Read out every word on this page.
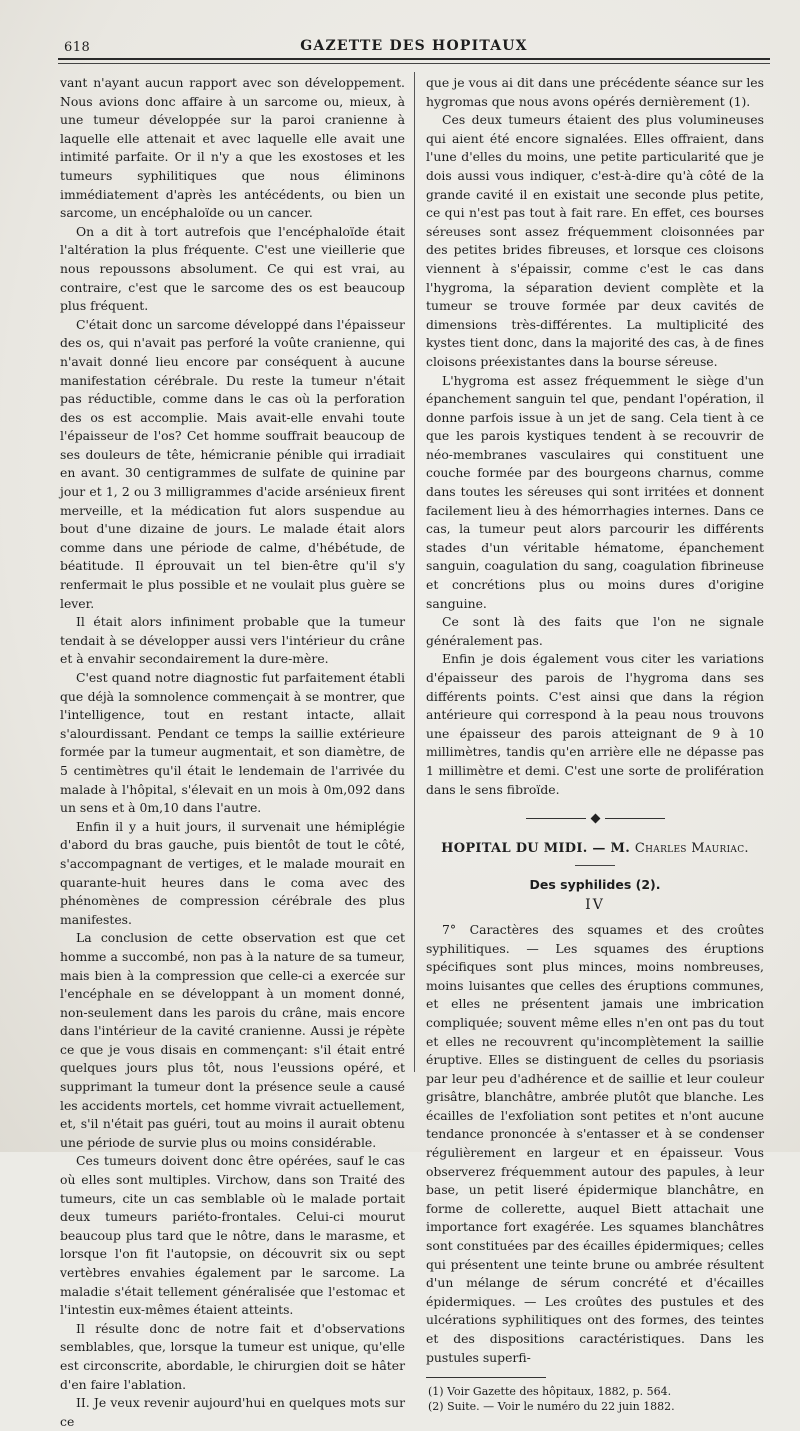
618	GAZETTE DES HOPITAUX

vant n'ayant aucun rapport avec son développement. Nous avions donc affaire à un sarcome ou, mieux, à une tumeur développée sur la paroi cranienne à laquelle elle attenait et avec laquelle elle avait une intimité parfaite. Or il n'y a que les exostoses et les tumeurs syphilitiques que nous éliminons immédiatement d'après les antécédents, ou bien un sarcome, un encéphaloïde ou un cancer.

On a dit à tort autrefois que l'encéphaloïde était l'altération la plus fréquente. C'est une vieillerie que nous repoussons absolument. Ce qui est vrai, au contraire, c'est que le sarcome des os est beaucoup plus fréquent.

C'était donc un sarcome développé dans l'épaisseur des os, qui n'avait pas perforé la voûte cranienne, qui n'avait donné lieu encore par conséquent à aucune manifestation cérébrale. Du reste la tumeur n'était pas réductible, comme dans le cas où la perforation des os est accomplie. Mais avait-elle envahi toute l'épaisseur de l'os? Cet homme souffrait beaucoup de ses douleurs de tête, hémicranie pénible qui irradiait en avant. 30 centigrammes de sulfate de quinine par jour et 1, 2 ou 3 milligrammes d'acide arsénieux firent merveille, et la médication fut alors suspendue au bout d'une dizaine de jours. Le malade était alors comme dans une période de calme, d'hébétude, de béatitude. Il éprouvait un tel bien-être qu'il s'y renfermait le plus possible et ne voulait plus guère se lever.

Il était alors infiniment probable que la tumeur tendait à se développer aussi vers l'intérieur du crâne et à envahir secondairement la dure-mère.

C'est quand notre diagnostic fut parfaitement établi que déjà la somnolence commençait à se montrer, que l'intelligence, tout en restant intacte, allait s'alourdissant. Pendant ce temps la saillie extérieure formée par la tumeur augmentait, et son diamètre, de 5 centimètres qu'il était le lendemain de l'arrivée du malade à l'hôpital, s'élevait en un mois à 0m,092 dans un sens et à 0m,10 dans l'autre.

Enfin il y a huit jours, il survenait une hémiplégie d'abord du bras gauche, puis bientôt de tout le côté, s'accompagnant de vertiges, et le malade mourait en quarante-huit heures dans le coma avec des phénomènes de compression cérébrale des plus manifestes.

La conclusion de cette observation est que cet homme a succombé, non pas à la nature de sa tumeur, mais bien à la compression que celle-ci a exercée sur l'encéphale en se développant à un moment donné, non-seulement dans les parois du crâne, mais encore dans l'intérieur de la cavité cranienne. Aussi je répète ce que je vous disais en commençant: s'il était entré quelques jours plus tôt, nous l'eussions opéré, et supprimant la tumeur dont la présence seule a causé les accidents mortels, cet homme vivrait actuellement, et, s'il n'était pas guéri, tout au moins il aurait obtenu une période de survie plus ou moins considérable.

Ces tumeurs doivent donc être opérées, sauf le cas où elles sont multiples. Virchow, dans son Traité des tumeurs, cite un cas semblable où le malade portait deux tumeurs pariéto-frontales. Celui-ci mourut beaucoup plus tard que le nôtre, dans le marasme, et lorsque l'on fit l'autopsie, on découvrit six ou sept vertèbres envahies également par le sarcome. La maladie s'était tellement généralisée que l'estomac et l'intestin eux-mêmes étaient atteints.

Il résulte donc de notre fait et d'observations semblables, que, lorsque la tumeur est unique, qu'elle est circonscrite, abordable, le chirurgien doit se hâter d'en faire l'ablation.

II. Je veux revenir aujourd'hui en quelques mots sur ce

que je vous ai dit dans une précédente séance sur les hygromas que nous avons opérés dernièrement (1).

Ces deux tumeurs étaient des plus volumineuses qui aient été encore signalées. Elles offraient, dans l'une d'elles du moins, une petite particularité que je dois aussi vous indiquer, c'est-à-dire qu'à côté de la grande cavité il en existait une seconde plus petite, ce qui n'est pas tout à fait rare. En effet, ces bourses séreuses sont assez fréquemment cloisonnées par des petites brides fibreuses, et lorsque ces cloisons viennent à s'épaissir, comme c'est le cas dans l'hygroma, la séparation devient complète et la tumeur se trouve formée par deux cavités de dimensions très-différentes. La multiplicité des kystes tient donc, dans la majorité des cas, à de fines cloisons préexistantes dans la bourse séreuse.

L'hygroma est assez fréquemment le siège d'un épanchement sanguin tel que, pendant l'opération, il donne parfois issue à un jet de sang. Cela tient à ce que les parois kystiques tendent à se recouvrir de néo-membranes vasculaires qui constituent une couche formée par des bourgeons charnus, comme dans toutes les séreuses qui sont irritées et donnent facilement lieu à des hémorrhagies internes. Dans ce cas, la tumeur peut alors parcourir les différents stades d'un véritable hématome, épanchement sanguin, coagulation du sang, coagulation fibrineuse et concrétions plus ou moins dures d'origine sanguine.

Ce sont là des faits que l'on ne signale généralement pas.

Enfin je dois également vous citer les variations d'épaisseur des parois de l'hygroma dans ses différents points. C'est ainsi que dans la région antérieure qui correspond à la peau nous trouvons une épaisseur des parois atteignant de 9 à 10 millimètres, tandis qu'en arrière elle ne dépasse pas 1 millimètre et demi. C'est une sorte de prolifération dans le sens fibroïde.

HOPITAL DU MIDI. — M. Charles Mauriac.
Des syphilides (2).
IV

7° Caractères des squames et des croûtes syphilitiques. — Les squames des éruptions spécifiques sont plus minces, moins nombreuses, moins luisantes que celles des éruptions communes, et elles ne présentent jamais une imbrication compliquée; souvent même elles n'en ont pas du tout et elles ne recouvrent qu'incomplètement la saillie éruptive. Elles se distinguent de celles du psoriasis par leur peu d'adhérence et de saillie et leur couleur grisâtre, blanchâtre, ambrée plutôt que blanche. Les écailles de l'exfoliation sont petites et n'ont aucune tendance prononcée à s'entasser et à se condenser régulièrement en largeur et en épaisseur. Vous observerez fréquemment autour des papules, à leur base, un petit liseré épidermique blanchâtre, en forme de collerette, auquel Biett attachait une importance fort exagérée. Les squames blanchâtres sont constituées par des écailles épidermiques; celles qui présentent une teinte brune ou ambrée résultent d'un mélange de sérum concrété et d'écailles épidermiques. — Les croûtes des pustules et des ulcérations syphilitiques ont des formes, des teintes et des dispositions caractéristiques. Dans les pustules superfi-

(1) Voir Gazette des hôpitaux, 1882, p. 564.

(2) Suite. — Voir le numéro du 22 juin 1882.
